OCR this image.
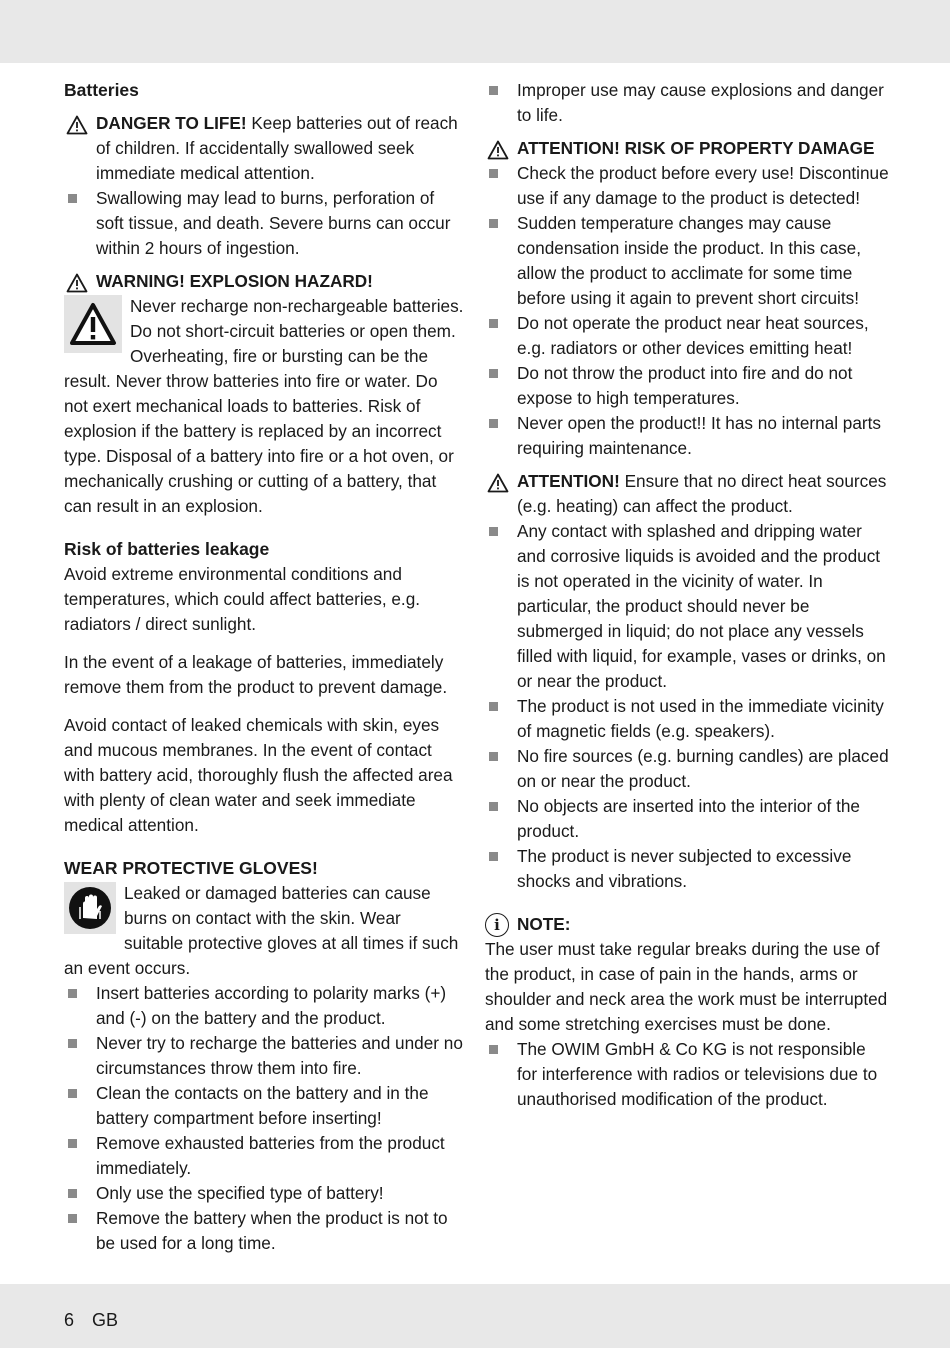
Batteries
DANGER TO LIFE! Keep batteries out of reach of children. If accidentally swallowed seek immediate medical attention.
Swallowing may lead to burns, perforation of soft tissue, and death. Severe burns can occur within 2 hours of ingestion.
WARNING! EXPLOSION HAZARD!

Never recharge non-rechargeable batteries. Do not short-circuit batteries or open them. Overheating, fire or bursting can be the result. Never throw batteries into fire or water. Do not exert mechanical loads to batteries. Risk of explosion if the battery is replaced by an incorrect type. Disposal of a battery into fire or a hot oven, or mechanically crushing or cutting of a battery, that can result in an explosion.

Risk of batteries leakage

Avoid extreme environmental conditions and temperatures, which could affect batteries, e.g. radiators / direct sunlight.

In the event of a leakage of batteries, immediately remove them from the product to prevent damage.

Avoid contact of leaked chemicals with skin, eyes and mucous membranes. In the event of contact with battery acid, thoroughly flush the affected area with plenty of clean water and seek immediate medical attention.

WEAR PROTECTIVE GLOVES!

Leaked or damaged batteries can cause burns on contact with the skin. Wear suitable protective gloves at all times if such an event occurs.

Insert batteries according to polarity marks (+) and (-) on the battery and the product.
Never try to recharge the batteries and under no circumstances throw them into fire.
Clean the contacts on the battery and in the battery compartment before inserting!
Remove exhausted batteries from the product immediately.
Only use the specified type of battery!
Remove the battery when the product is not to be used for a long time.
Improper use may cause explosions and danger to life.
ATTENTION! RISK OF PROPERTY DAMAGE
Check the product before every use! Discontinue use if any damage to the product is detected!
Sudden temperature changes may cause condensation inside the product. In this case, allow the product to acclimate for some time before using it again to prevent short circuits!
Do not operate the product near heat sources, e.g. radiators or other devices emitting heat!
Do not throw the product into fire and do not expose to high temperatures.
Never open the product!! It has no internal parts requiring maintenance.
ATTENTION! Ensure that no direct heat sources (e.g. heating) can affect the product.
Any contact with splashed and dripping water and corrosive liquids is avoided and the product is not operated in the vicinity of water. In particular, the product should never be submerged in liquid; do not place any vessels filled with liquid, for example, vases or drinks, on or near the product.
The product is not used in the immediate vicinity of magnetic fields (e.g. speakers).
No fire sources (e.g. burning candles) are placed on or near the product.
No objects are inserted into the interior of the product.
The product is never subjected to excessive shocks and vibrations.
i NOTE:

The user must take regular breaks during the use of the product, in case of pain in the hands, arms or shoulder and neck area the work must be interrupted and some stretching exercises must be done.

The OWIM GmbH & Co KG is not responsible for interference with radios or televisions due to unauthorised modification of the product.
6 GB
